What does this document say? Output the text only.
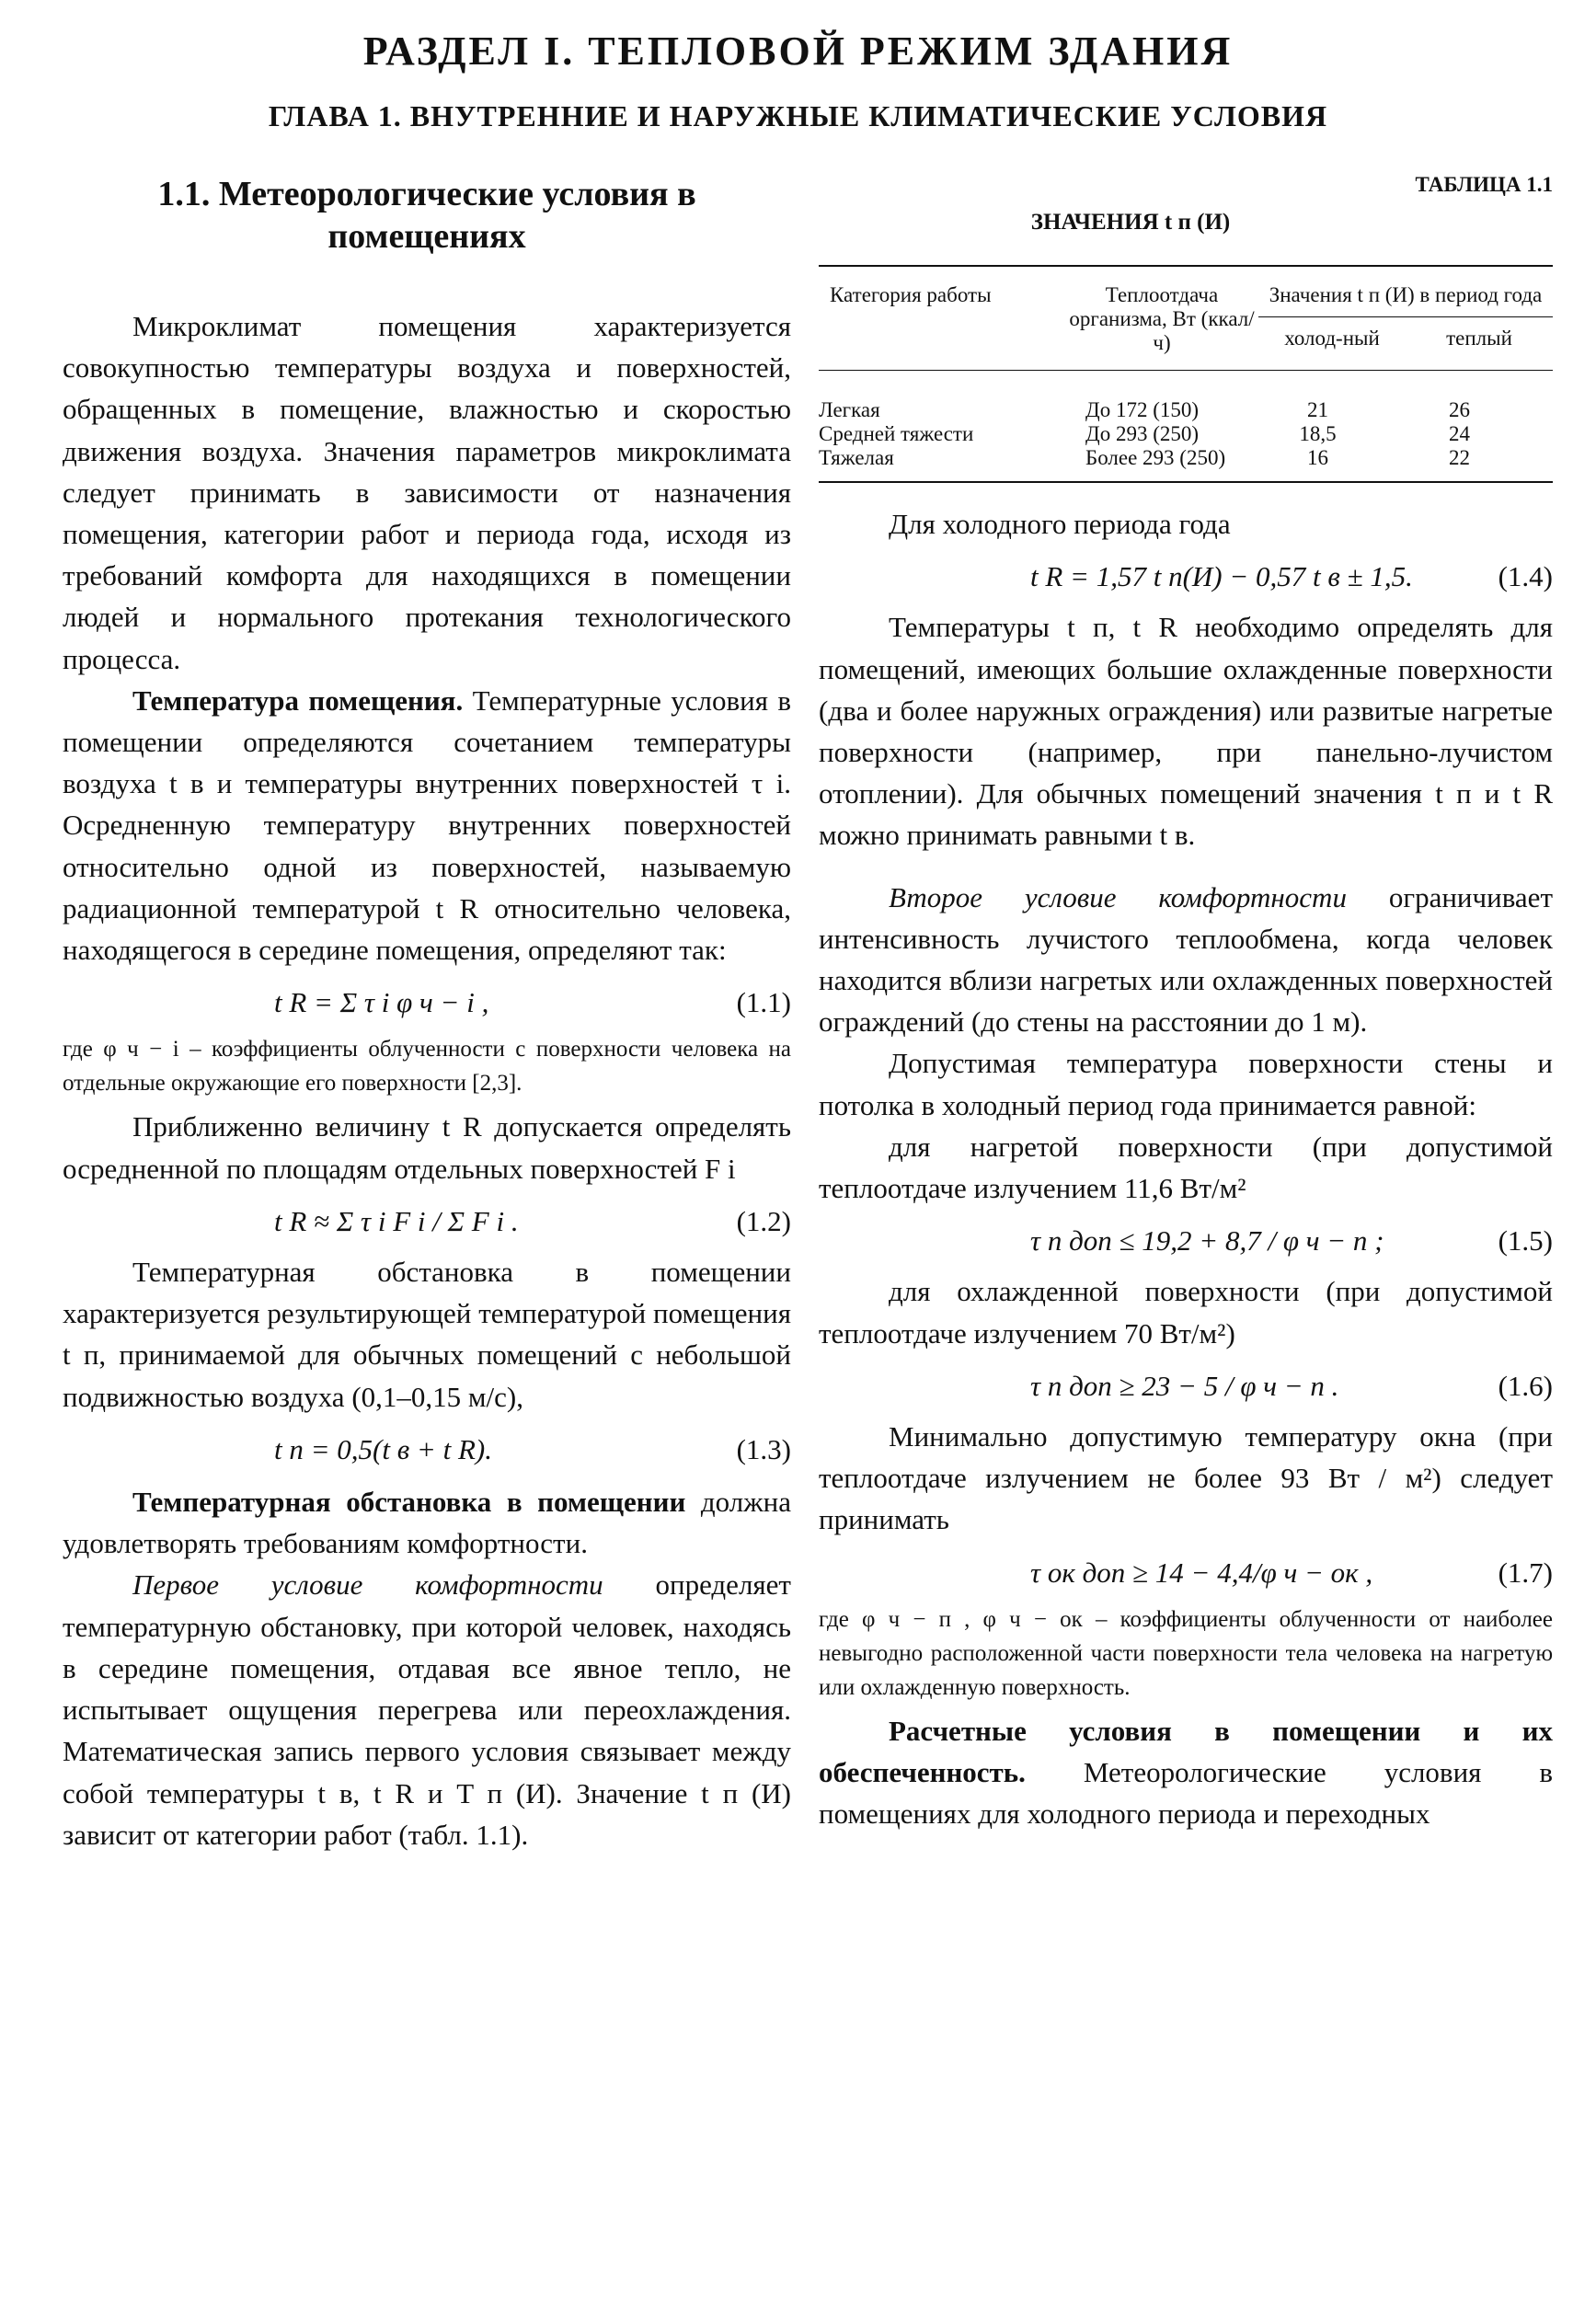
РАЗДЕЛ I. ТЕПЛОВОЙ РЕЖИМ ЗДАНИЯ
ГЛАВА 1. ВНУТРЕННИЕ И НАРУЖНЫЕ КЛИМАТИЧЕСКИЕ УСЛОВИЯ
1.1. Метеорологические условия в помещениях

Микроклимат помещения характеризуется совокупностью температуры воздуха и поверхностей, обращенных в помещение, влажностью и скоростью движения воздуха. Значения параметров микроклимата следует принимать в зависимости от назначения помещения, категории работ и периода года, исходя из требований комфорта для находящихся в помещении людей и нормального протекания технологического процесса.

Температура помещения. Температурные условия в помещении определяются сочетанием температуры воздуха t в и температуры внутренних поверхностей τ i. Осредненную температуру внутренних поверхностей относительно одной из поверхностей, называемую радиационной температурой t R относительно человека, находящегося в середине помещения, определяют так:

t R = Σ τ i φ ч − i ,	(1.1)

где φ ч − i – коэффициенты облученности с поверхности человека на отдельные окружающие его поверхности [2,3].

Приближенно величину t R допускается определять осредненной по площадям отдельных поверхностей F i

t R ≈ Σ τ i F i / Σ F i .	(1.2)

Температурная обстановка в помещении характеризуется результирующей температурой помещения t п, принимаемой для обычных помещений с небольшой подвижностью воздуха (0,1–0,15 м/с),

t п = 0,5(t в + t R).	(1.3)

Температурная обстановка в помещении должна удовлетворять требованиям комфортности.

Первое условие комфортности определяет температурную обстановку, при которой человек, находясь в середине помещения, отдавая все явное тепло, не испытывает ощущения перегрева или переохлаждения. Математическая запись первого условия связывает между собой температуры t в, t R и T п (И). Значение t п (И) зависит от категории работ (табл. 1.1).

ТАБЛИЦА 1.1
ЗНАЧЕНИЯ t п (И)
Категория работы	Теплоотдача организма, Вт (ккал/ч)
Значения t п (И) в период года
холод-ный	теплый
Легкая	До 172 (150)	21	26
Средней тяжести	До 293 (250)	18,5	24
Тяжелая	Более 293 (250)	16	22

Для холодного периода года

t R = 1,57 t п(И) − 0,57 t в ± 1,5.	(1.4)

Температуры t п, t R необходимо определять для помещений, имеющих большие охлажденные поверхности (два и более наружных ограждения) или развитые нагретые поверхности (например, при панельно-лучистом отоплении). Для обычных помещений значения t п и t R можно принимать равными t в.

Второе условие комфортности ограничивает интенсивность лучистого теплообмена, когда человек находится вблизи нагретых или охлажденных поверхностей ограждений (до стены на расстоянии до 1 м).

Допустимая температура поверхности стены и потолка в холодный период года принимается равной:

для нагретой поверхности (при допустимой теплоотдаче излучением 11,6 Вт/м²

τ п доп ≤ 19,2 + 8,7 / φ ч − п ;	(1.5)

для охлажденной поверхности (при допустимой теплоотдаче излучением 70 Вт/м²)

τ п доп ≥ 23 − 5 / φ ч − п .	(1.6)

Минимально допустимую температуру окна (при теплоотдаче излучением не более 93 Вт / м²) следует принимать

τ ок доп ≥ 14 − 4,4/φ ч − ок ,	(1.7)

где φ ч − п , φ ч − ок – коэффициенты облученности от наиболее невыгодно расположенной части поверхности тела человека на нагретую или охлажденную поверхность.

Расчетные условия в помещении и их обеспеченность. Метеорологические условия в помещениях для холодного периода и переходных
